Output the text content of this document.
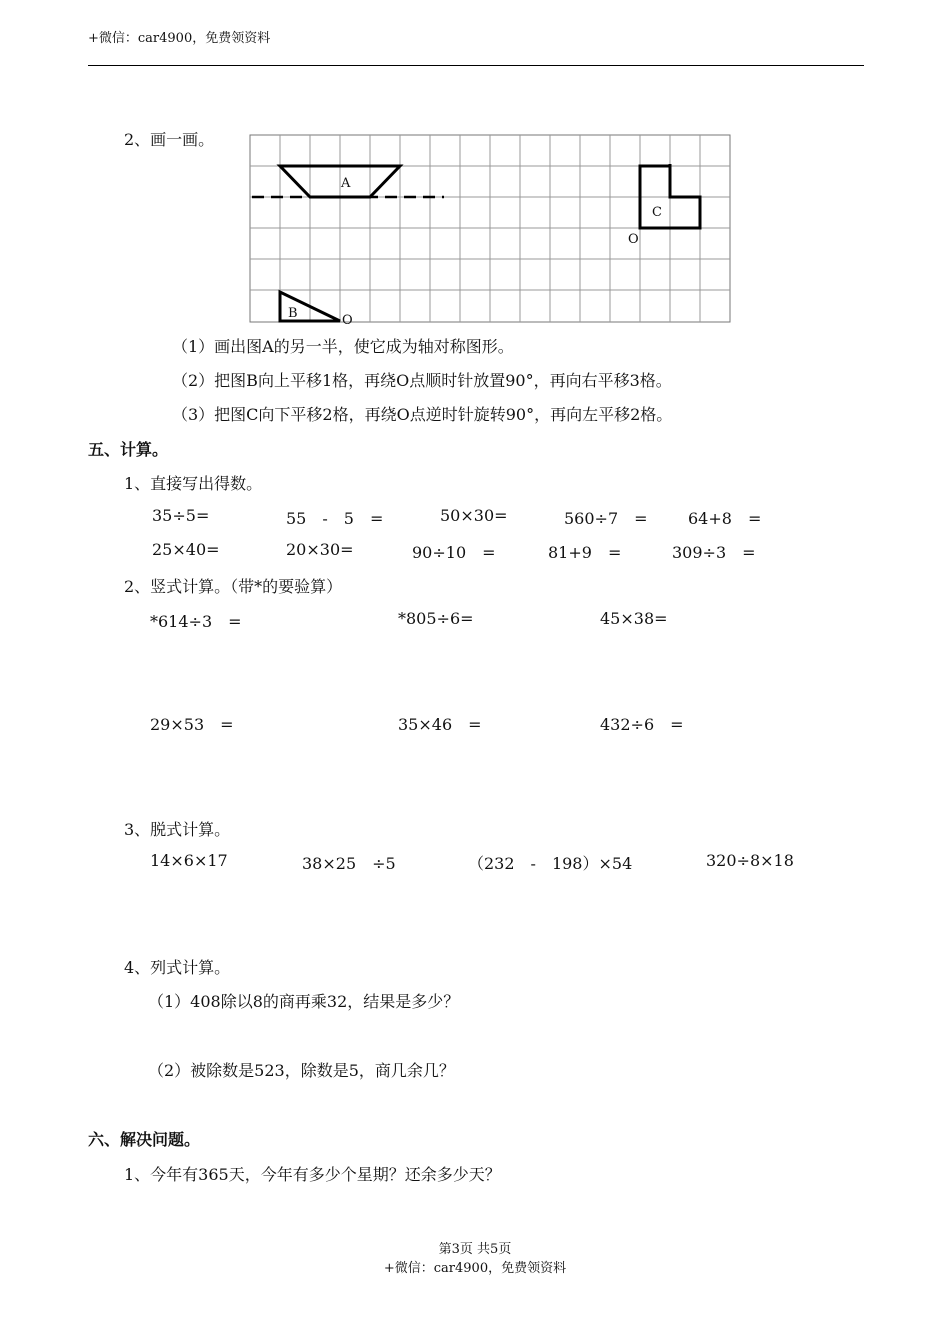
+微信：car4900，免费领资料
2、画一画。
A
B	O
C
O
（1）画出图A的另一半，使它成为轴对称图形。
（2）把图B向上平移1格，再绕O点顺时针放置90°，再向右平移3格。
（3）把图C向下平移2格，再绕O点逆时针旋转90°，再向左平移2格。
五、计算。
1、直接写出得数。
35÷5=	55　-　5　=	50×30=	560÷7　=	64+8　=
25×40=	20×30=	90÷10　=	81+9　=	309÷3　=
2、竖式计算。（带*的要验算）
*614÷3　=	*805÷6=	45×38=
29×53　=	35×46　=	432÷6　=
3、脱式计算。
14×6×17	38×25　÷5	（232　-　198）×54	320÷8×18
4、列式计算。
（1）408除以8的商再乘32，结果是多少？
（2）被除数是523，除数是5，商几余几？
六、解决问题。
1、今年有365天，今年有多少个星期？还余多少天？
第3页 共5页
+微信：car4900，免费领资料
